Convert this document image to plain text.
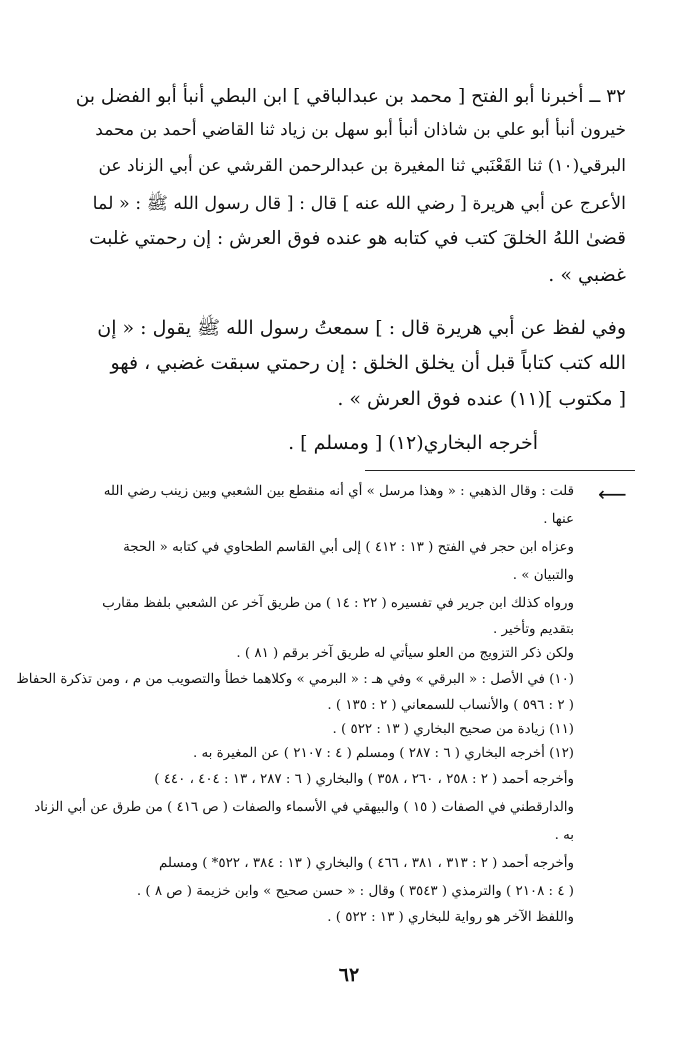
٣٢ ــ أخبرنا أبو الفتح [ محمد بن عبدالباقي ] ابن البطي أنبأ أبو الفضل بن
خيرون أنبأ أبو علي بن شاذان أنبأ أبو سهل بن زياد ثنا القاضي أحمد بن محمد
البرقي(١٠) ثنا القَعْنَبي ثنا المغيرة بن عبدالرحمن القرشي عن أبي الزناد عن
الأعرج عن أبي هريرة [ رضي الله عنه ] قال : [ قال رسول الله ﷺ : « لما
قضىٰ اللهُ الخلقَ كتب في كتابه هو عنده فوق العرش : إن رحمتي غلبت
غضبي » .
وفي لفظ عن أبي هريرة قال : ] سمعتُ رسول الله ﷺ يقول : « إن
الله كتب كتاباً قبل أن يخلق الخلق : إن رحمتي سبقت غضبي ، فهو
[ مكتوب ](١١) عنده فوق العرش » .
أخرجه البخاري(١٢) [ ومسلم ] .
⟵
قلت : وقال الذهبي : « وهذا مرسل » أي أنه منقطع بين الشعبي وبين زينب رضي الله
عنها .
وعزاه ابن حجر في الفتح ( ١٣ : ٤١٢ ) إلى أبي القاسم الطحاوي في كتابه « الحجة
والتبيان » .
ورواه كذلك ابن جرير في تفسيره ( ٢٢ : ١٤ ) من طريق آخر عن الشعبي بلفظ مقارب
بتقديم وتأخير .
ولكن ذكر التزويج من العلو سيأتي له طريق آخر برقم ( ٨١ ) .
(١٠) في الأصل : « البرقي » وفي هـ : « البرمي » وكلاهما خطأ والتصويب من م ، ومن تذكرة الحفاظ
( ٢ : ٥٩٦ ) والأنساب للسمعاني ( ٢ : ١٣٥ ) .
(١١) زيادة من صحيح البخاري ( ١٣ : ٥٢٢ ) .
(١٢) أخرجه البخاري ( ٦ : ٢٨٧ ) ومسلم ( ٤ : ٢١٠٧ ) عن المغيرة به .
وأخرجه أحمد ( ٢ : ٢٥٨ ، ٢٦٠ ، ٣٥٨ ) والبخاري ( ٦ : ٢٨٧ ، ١٣ : ٤٠٤ ، ٤٤٠ )
والدارقطني في الصفات ( ١٥ ) والبيهقي في الأسماء والصفات ( ص ٤١٦ ) من طرق عن أبي الزناد
به .
وأخرجه أحمد ( ٢ : ٣١٣ ، ٣٨١ ، ٤٦٦ ) والبخاري ( ١٣ : ٣٨٤ ، ٥٢٢* ) ومسلم
( ٤ : ٢١٠٨ ) والترمذي ( ٣٥٤٣ ) وقال : « حسن صحيح » وابن خزيمة ( ص ٨ ) .
واللفظ الآخر هو رواية للبخاري ( ١٣ : ٥٢٢ ) .
٦٢
